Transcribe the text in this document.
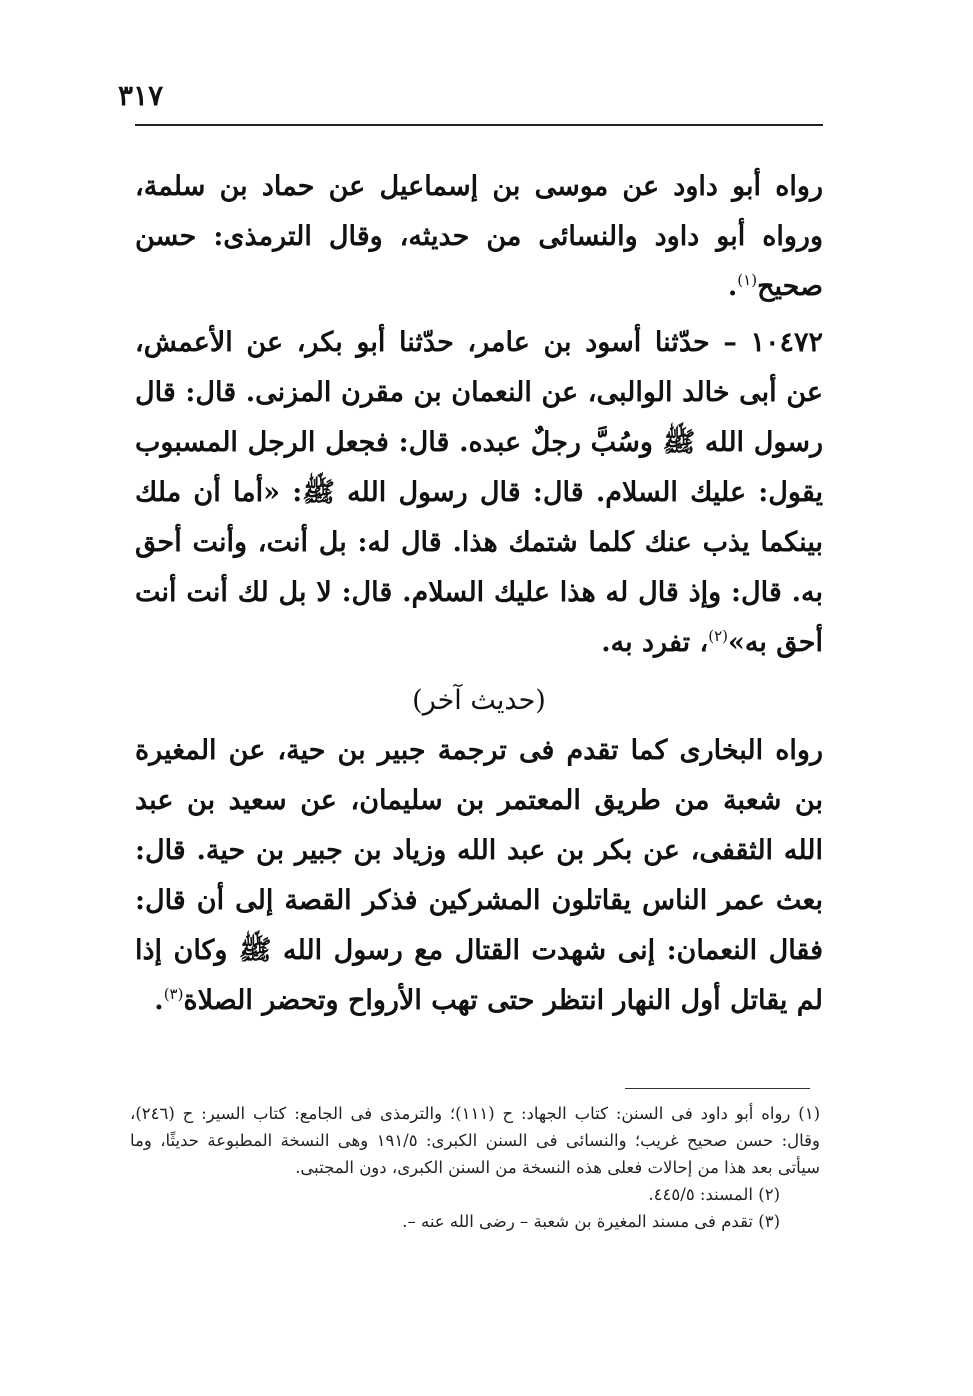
٣١٧

رواه أبو داود عن موسى بن إسماعيل عن حماد بن سلمة، ورواه أبو داود والنسائى من حديثه، وقال الترمذى: حسن صحيح$^{(١)}$.

١٠٤٧٢ – حدّثنا أسود بن عامر، حدّثنا أبو بكر، عن الأعمش، عن أبى خالد الوالبى، عن النعمان بن مقرن المزنى. قال: قال رسول الله ﷺ وسُبَّ رجلٌ عبده. قال: فجعل الرجل المسبوب يقول: عليك السلام. قال: قال رسول الله ﷺ: «أما أن ملك بينكما يذب عنك كلما شتمك هذا. قال له: بل أنت، وأنت أحق به. قال: وإذ قال له هذا عليك السلام. قال: لا بل لك أنت أنت أحق به»$^{(٢)}$، تفرد به.

(حديث آخر)

رواه البخارى كما تقدم فى ترجمة جبير بن حية، عن المغيرة بن شعبة من طريق المعتمر بن سليمان، عن سعيد بن عبد الله الثقفى، عن بكر بن عبد الله وزياد بن جبير بن حية. قال: بعث عمر الناس يقاتلون المشركين فذكر القصة إلى أن قال: فقال النعمان: إنى شهدت القتال مع رسول الله ﷺ وكان إذا لم يقاتل أول النهار انتظر حتى تهب الأرواح وتحضر الصلاة$^{(٣)}$.

(١) رواه أبو داود فى السنن: كتاب الجهاد: ح (١١١)؛ والترمذى فى الجامع: كتاب السير: ح (٢٤٦)، وقال: حسن صحيح غريب؛ والنسائى فى السنن الكبرى: ١٩١/٥ وهى النسخة المطبوعة حديثًا، وما سيأتى بعد هذا من إحالات فعلى هذه النسخة من السنن الكبرى، دون المجتبى.

(٢) المسند: ٤٤٥/٥.

(٣) تقدم فى مسند المغيرة بن شعبة – رضى الله عنه –.
